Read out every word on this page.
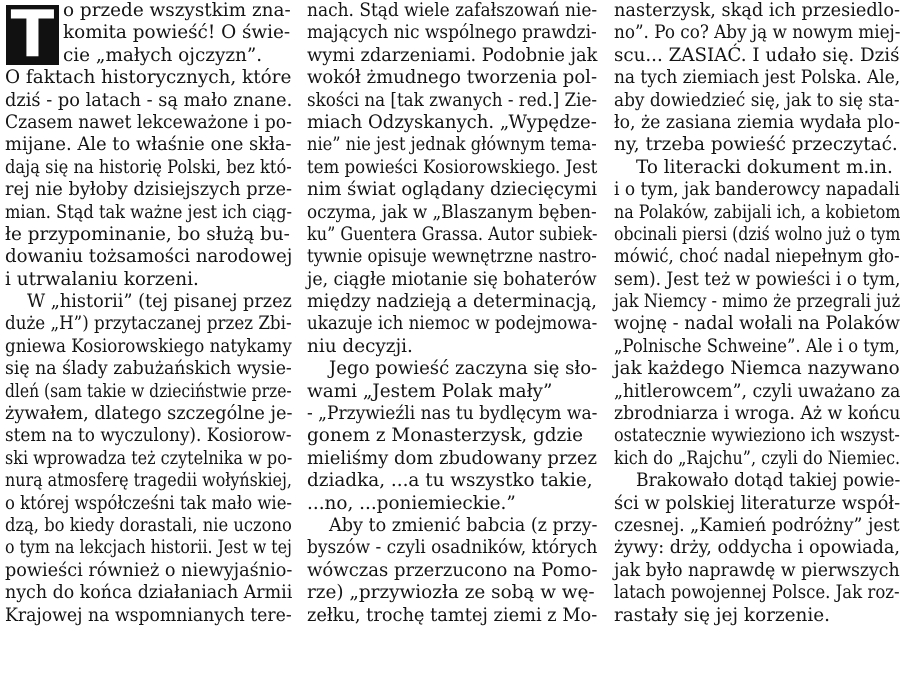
T o przede wszystkim zna-
komita powieść! O świe-
cie „małych ojczyzn”.
O faktach historycznych, które
dziś - po latach - są mało znane.
Czasem nawet lekceważone i po-
mijane. Ale to właśnie one skła-
dają się na historię Polski, bez któ-
rej nie byłoby dzisiejszych prze-
mian. Stąd tak ważne jest ich ciąg-
łe przypominanie, bo służą bu-
dowaniu tożsamości narodowej
i utrwalaniu korzeni.
W „historii” (tej pisanej przez
duże „H”) przytaczanej przez Zbi-
gniewa Kosiorowskiego natykamy
się na ślady zabużańskich wysie-
dleń (sam takie w dzieciństwie prze-
żywałem, dlatego szczególne je-
stem na to wyczulony). Kosiorow-
ski wprowadza też czytelnika w po-
nurą atmosferę tragedii wołyńskiej,
o której współcześni tak mało wie-
dzą, bo kiedy dorastali, nie uczono
o tym na lekcjach historii. Jest w tej
powieści również o niewyjaśnio-
nych do końca działaniach Armii
Krajowej na wspomnianych tere-
nach. Stąd wiele zafałszowań nie-
mających nic wspólnego prawdzi-
wymi zdarzeniami. Podobnie jak
wokół żmudnego tworzenia pol-
skości na [tak zwanych - red.] Zie-
miach Odzyskanych. „Wypędze-
nie” nie jest jednak głównym tema-
tem powieści Kosiorowskiego. Jest
nim świat oglądany dziecięcymi
oczyma, jak w „Blaszanym bęben-
ku” Guentera Grassa. Autor subiek-
tywnie opisuje wewnętrzne nastro-
je, ciągłe miotanie się bohaterów
między nadzieją a determinacją,
ukazuje ich niemoc w podejmowa-
niu decyzji.
Jego powieść zaczyna się sło-
wami „Jestem Polak mały”
- „Przywieźli nas tu bydlęcym wa-
gonem z Monasterzysk, gdzie
mieliśmy dom zbudowany przez
dziadka, ...a tu wszystko takie,
...no, ...poniemieckie.”
Aby to zmienić babcia (z przy-
byszów - czyli osadników, których
wówczas przerzucono na Pomo-
rze) „przywiozła ze sobą w wę-
zełku, trochę tamtej ziemi z Mo-
nasterzysk, skąd ich przesiedlo-
no”. Po co? Aby ją w nowym miej-
scu... ZASIAĆ. I udało się. Dziś
na tych ziemiach jest Polska. Ale,
aby dowiedzieć się, jak to się sta-
ło, że zasiana ziemia wydała plo-
ny, trzeba powieść przeczytać.
To literacki dokument m.in.
i o tym, jak banderowcy napadali
na Polaków, zabijali ich, a kobietom
obcinali piersi (dziś wolno już o tym
mówić, choć nadal niepełnym gło-
sem). Jest też w powieści i o tym,
jak Niemcy - mimo że przegrali już
wojnę - nadal wołali na Polaków
„Polnische Schweine”. Ale i o tym,
jak każdego Niemca nazywano
„hitlerowcem”, czyli uważano za
zbrodniarza i wroga. Aż w końcu
ostatecznie wywieziono ich wszyst-
kich do „Rajchu”, czyli do Niemiec.
Brakowało dotąd takiej powie-
ści w polskiej literaturze współ-
czesnej. „Kamień podróżny” jest
żywy: drży, oddycha i opowiada,
jak było naprawdę w pierwszych
latach powojennej Polsce. Jak roz-
rastały się jej korzenie.
